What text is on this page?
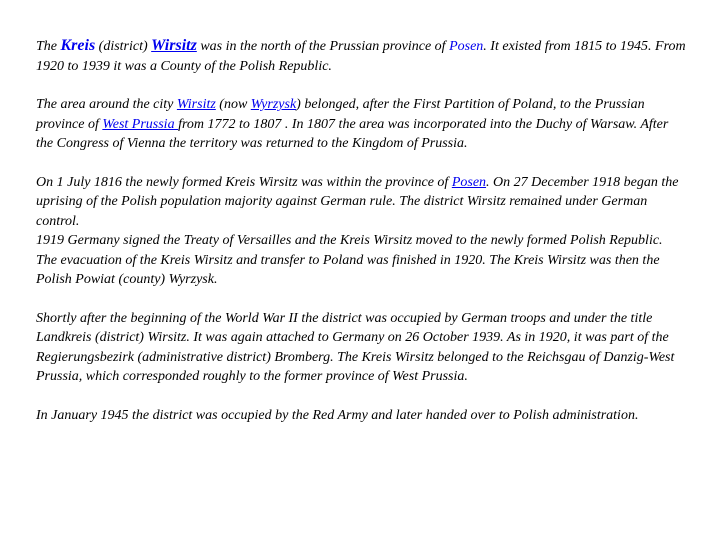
The Kreis (district) Wirsitz was in the north of the Prussian province of Posen. It existed from 1815 to 1945. From 1920 to 1939 it was a County of the Polish Republic.

The area around the city Wirsitz (now Wyrzysk) belonged, after the First Partition of Poland, to the Prussian province of West Prussia from 1772 to 1807 . In 1807 the area was incorporated into the Duchy of Warsaw. After the Congress of Vienna the territory was returned to the Kingdom of Prussia.

On 1 July 1816 the newly formed Kreis Wirsitz was within the province of Posen. On 27 December 1918 began the uprising of the Polish population majority against German rule. The district Wirsitz remained under German control.

1919 Germany signed the Treaty of Versailles and the Kreis Wirsitz moved to the newly formed Polish Republic. The evacuation of the Kreis Wirsitz and transfer to Poland was finished in 1920. The Kreis Wirsitz was then the Polish Powiat (county) Wyrzysk.

Shortly after the beginning of the World War II the district was occupied by German troops and under the title Landkreis (district) Wirsitz. It was again attached to Germany on 26 October 1939. As in 1920, it was part of the Regierungsbezirk (administrative district) Bromberg. The Kreis Wirsitz belonged to the Reichsgau of Danzig-West Prussia, which corresponded roughly to the former province of West Prussia.

In January 1945 the district was occupied by the Red Army and later handed over to Polish administration.
